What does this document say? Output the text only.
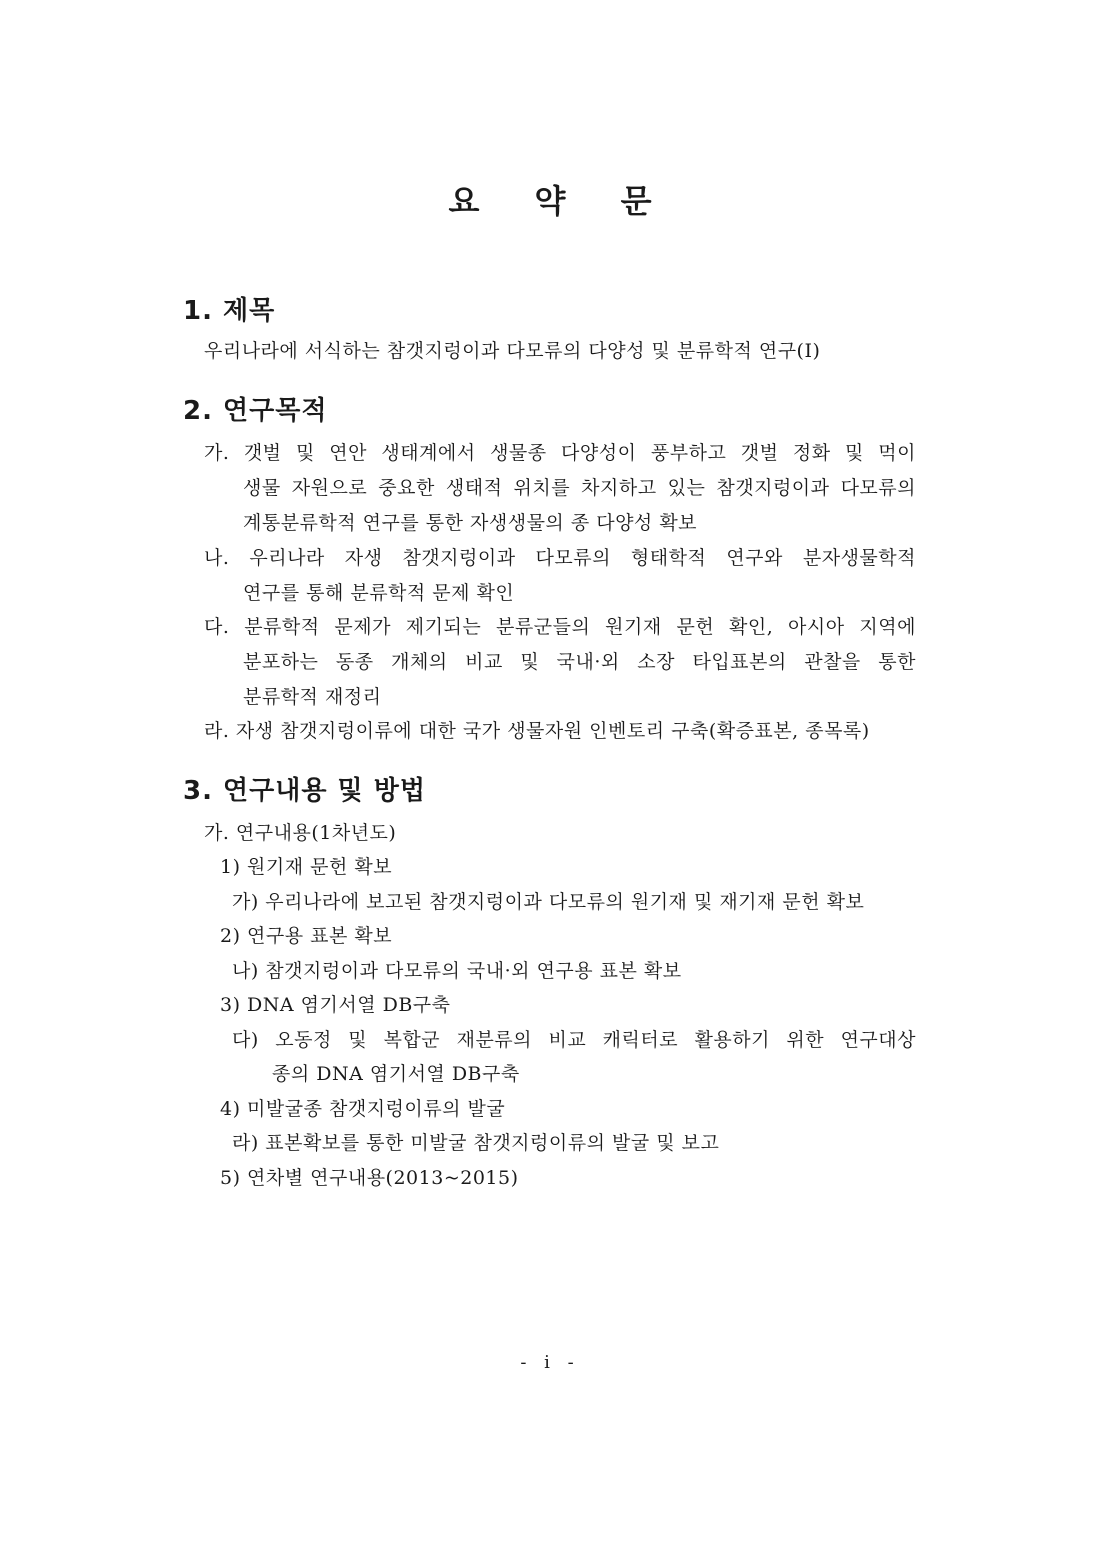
요 약 문
1. 제목
우리나라에 서식하는 참갯지렁이과 다모류의 다양성 및 분류학적 연구(I)
2. 연구목적
가. 갯벌 및 연안 생태계에서 생물종 다양성이 풍부하고 갯벌 정화 및 먹이
생물 자원으로 중요한 생태적 위치를 차지하고 있는 참갯지렁이과 다모류의
계통분류학적 연구를 통한 자생생물의 종 다양성 확보
나. 우리나라 자생 참갯지렁이과 다모류의 형태학적 연구와 분자생물학적
연구를 통해 분류학적 문제 확인
다. 분류학적 문제가 제기되는 분류군들의 원기재 문헌 확인, 아시아 지역에
분포하는 동종 개체의 비교 및 국내·외 소장 타입표본의 관찰을 통한
분류학적 재정리
라. 자생 참갯지렁이류에 대한 국가 생물자원 인벤토리 구축(확증표본, 종목록)
3. 연구내용 및 방법
가. 연구내용(1차년도)
1) 원기재 문헌 확보
가) 우리나라에 보고된 참갯지렁이과 다모류의 원기재 및 재기재 문헌 확보
2) 연구용 표본 확보
나) 참갯지렁이과 다모류의 국내·외 연구용 표본 확보
3) DNA 염기서열 DB구축
다) 오동정 및 복합군 재분류의 비교 캐릭터로 활용하기 위한 연구대상
종의 DNA 염기서열 DB구축
4) 미발굴종 참갯지렁이류의 발굴
라) 표본확보를 통한 미발굴 참갯지렁이류의 발굴 및 보고
5) 연차별 연구내용(2013~2015)
- i -
